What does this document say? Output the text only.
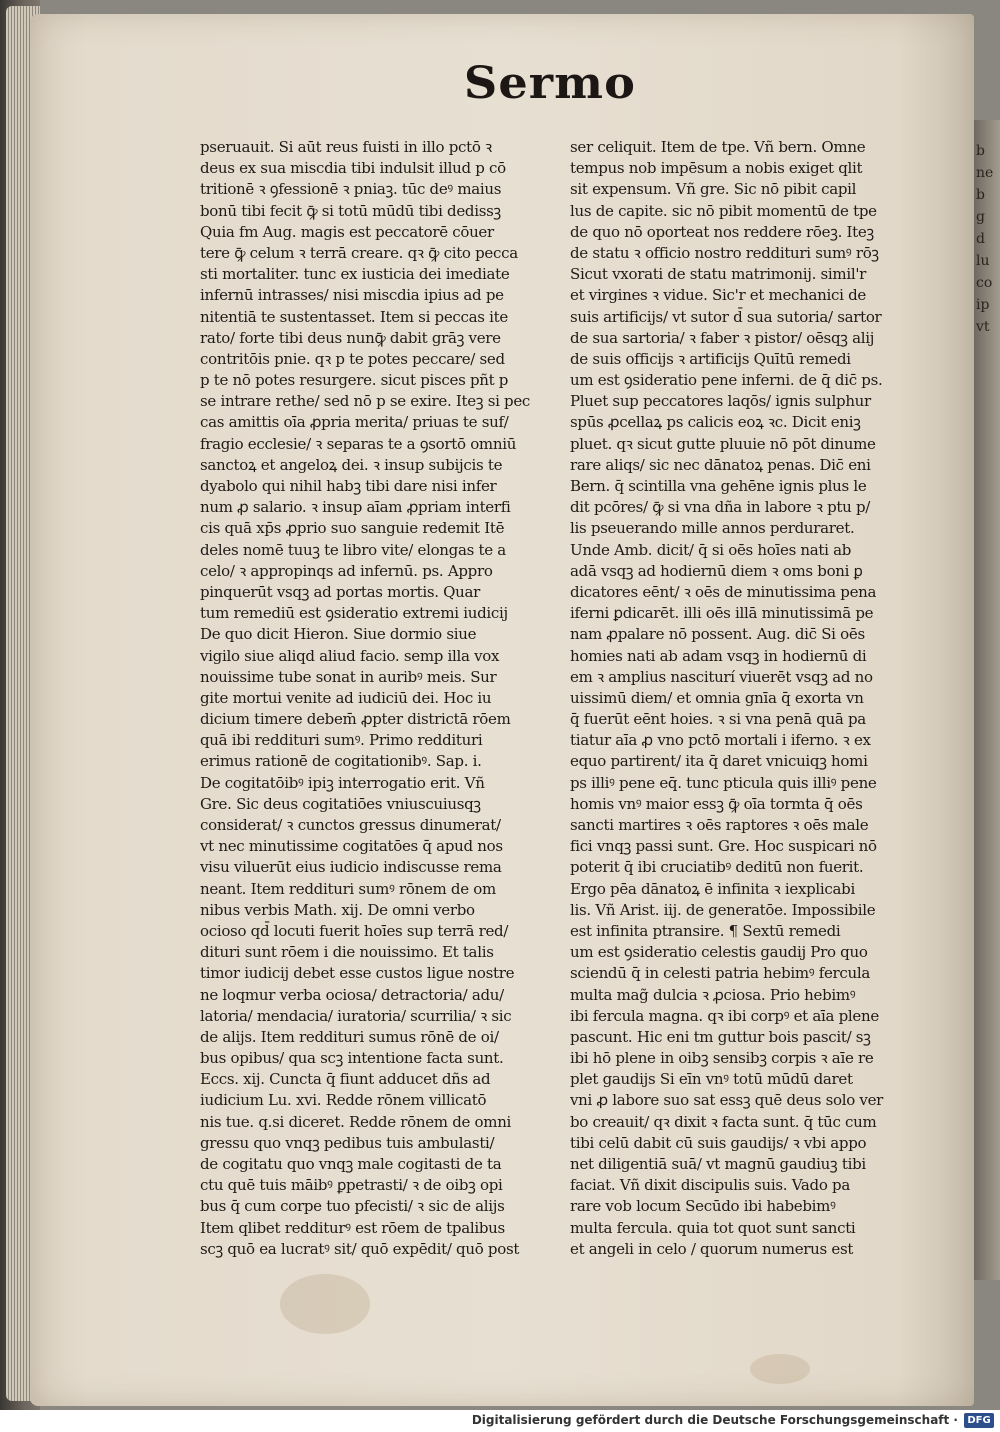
b
ne
b
g
d
lu
co
ip
vt
Sermo
pseruauit. Si aūt reus fuisti in illo pctō ꝛ
deus ex sua miscdia tibi indulsit illud p cō
tritionē ꝛ ꝯfessionē ꝛ pniaꝫ. tūc deꝰ maius
bonū tibi fecit ꝙ̄ si totū mūdū tibi dedissꝫ
Quia fm Aug. magis est peccatorē cōuer
tere ꝙ̄ celum ꝛ terrā creare. qꝛ ꝙ̄ cito pecca
sti mortaliter. tunc ex iusticia dei imediate
infernū intrasses/ nisi miscdia ipius ad pe
nitentiā te sustentasset. Item si peccas ite
rato/ forte tibi deus nunꝙ̄ dabit grāꝫ vere
contritōis pnie. qꝛ p te potes peccare/ sed
p te nō potes resurgere. sicut pisces pñt p
se intrare rethe/ sed nō p se exire. Iteꝫ si pec
cas amittis oīa ꝓpria merita/ priuas te suf/
fragio ecclesie/ ꝛ separas te a ꝯsortō omniū
sanctoꝝ et angeloꝝ dei. ꝛ insup subijcis te
dyabolo qui nihil habꝫ tibi dare nisi infer
num ꝓ salario. ꝛ insup aīam ꝓpriam interfi
cis quā xp̄s ꝓprio suo sanguie redemit Itē
deles nomē tuuꝫ te libro vite/ elongas te a
celo/ ꝛ appropinqs ad infernū. ps. Appro
pinquerūt vsqꝫ ad portas mortis. Quar
tum remediū est ꝯsideratio extremi iudicij
De quo dicit Hieron. Siue dormio siue
vigilo siue aliqd aliud facio. semp illa vox
nouissime tube sonat in auribꝰ meis. Sur
gite mortui venite ad iudiciū dei. Hoc iu
dicium timere debem̄ ꝓpter districtā rōem
quā ibi reddituri sumꝰ. Primo reddituri
erimus rationē de cogitationibꝰ. Sap. i.
De cogitatōibꝰ ipiꝫ interrogatio erit. Vñ
Gre. Sic deus cogitatiōes vniuscuiusqꝫ
considerat/ ꝛ cunctos gressus dinumerat/
vt nec minutissime cogitatōes q̄ apud nos
visu viluerūt eius iudicio indiscusse rema
neant. Item reddituri sumꝰ rōnem de om
nibus verbis Math. xij. De omni verbo
ocioso qd̄ locuti fuerit hoīes sup terrā red/
dituri sunt rōem i die nouissimo. Et talis
timor iudicij debet esse custos ligue nostre
ne loqmur verba ociosa/ detractoria/ adu/
latoria/ mendacia/ iuratoria/ scurrilia/ ꝛ sic
de alijs. Item reddituri sumus rōnē de oi/
bus opibus/ qua scꝫ intentione facta sunt.
Eccs. xij. Cuncta q̄ fiunt adducet dñs ad
iudicium Lu. xvi. Redde rōnem villicatō
nis tue. q.si diceret. Redde rōnem de omni
gressu quo vnqꝫ pedibus tuis ambulasti/
de cogitatu quo vnqꝫ male cogitasti de ta
ctu quē tuis māibꝰ ꝑpetrasti/ ꝛ de oibꝫ opi
bus q̄ cum corpe tuo pfecisti/ ꝛ sic de alijs
Item qlibet redditurꝰ est rōem de tpalibus
scꝫ quō ea lucratꝰ sit/ quō expēdit/ quō post
ser celiquit. Item de tpe. Vñ bern. Omne
tempus nob impēsum a nobis exiget qlit
sit expensum. Vñ gre. Sic nō pibit capil
lus de capite. sic nō pibit momentū de tpe
de quo nō oporteat nos reddere rōeꝫ. Iteꝫ
de statu ꝛ officio nostro reddituri sumꝰ rōꝫ
Sicut vxorati de statu matrimonij. simil'r
et virgines ꝛ vidue. Sic'r et mechanici de
suis artificijs/ vt sutor d̄ sua sutoria/ sartor
de sua sartoria/ ꝛ faber ꝛ pistor/ oēsqꝫ alij
de suis officijs ꝛ artificijs Quītū remedi
um est ꝯsideratio pene inferni. de q̄ dic̄ ps.
Pluet sup peccatores laqōs/ ignis sulphur
spūs ꝓcellaꝝ ps calicis eoꝝ ꝛc. Dicit eniꝫ
pluet. qꝛ sicut gutte pluuie nō pōt dinume
rare aliqs/ sic nec dānatoꝝ penas. Dic̄ eni
Bern. q̄ scintilla vna gehēne ignis plus le
dit pcōres/ ꝙ̄ si vna dña in labore ꝛ ptu p/
lis pseuerando mille annos perduraret.
Unde Amb. dicit/ q̄ si oēs hoīes nati ab
adā vsqꝫ ad hodiernū diem ꝛ oms boni ꝑ
dicatores eēnt/ ꝛ oēs de minutissima pena
iferni ꝑdicarēt. illi oēs illā minutissimā pe
nam ꝓpalare nō possent. Aug. dic̄ Si oēs
homies nati ab adam vsqꝫ in hodiernū di
em ꝛ amplius nasciturí viuerēt vsqꝫ ad no
uissimū diem/ et omnia gnīa q̄ exorta vn
q̄ fuerūt eēnt hoies. ꝛ si vna penā quā pa
tiatur aīa ꝓ vno pctō mortali i iferno. ꝛ ex
equo partirent/ ita q̄ daret vnicuiqꝫ homi
ps illiꝰ pene eq̄. tunc pticula quis illiꝰ pene
homis vnꝰ maior essꝫ ꝙ̄ oīa tormta q̄ oēs
sancti martires ꝛ oēs raptores ꝛ oēs male
fici vnqꝫ passi sunt. Gre. Hoc suspicari nō
poterit q̄ ibi cruciatibꝰ deditū non fuerit.
Ergo pēa dānatoꝝ ē infinita ꝛ iexplicabi
lis. Vñ Arist. iij. de generatōe. Impossibile
est infinita ptransire. ¶ Sextū remedi
um est ꝯsideratio celestis gaudij Pro quo
sciendū q̄ in celesti patria hebimꝰ fercula
multa mag̃ dulcia ꝛ ꝓciosa. Prio hebimꝰ
ibi fercula magna. qꝛ ibi corpꝰ et aīa plene
pascunt. Hic eni tm guttur bois pascit/ sꝫ
ibi hō plene in oibꝫ sensibꝫ corpis ꝛ aīe re
plet gaudijs Si eīn vnꝰ totū mūdū daret
vni ꝓ labore suo sat essꝫ quē deus solo ver
bo creauit/ qꝛ dixit ꝛ facta sunt. q̄ tūc cum
tibi celū dabit cū suis gaudijs/ ꝛ vbi appo
net diligentiā suā/ vt magnū gaudiuꝫ tibi
faciat. Vñ dixit discipulis suis. Vado pa
rare vob locum Secūdo ibi habebimꝰ
multa fercula. quia tot quot sunt sancti
et angeli in celo / quorum numerus est
Digitalisierung gefördert durch die Deutsche Forschungsgemeinschaft · DFG
